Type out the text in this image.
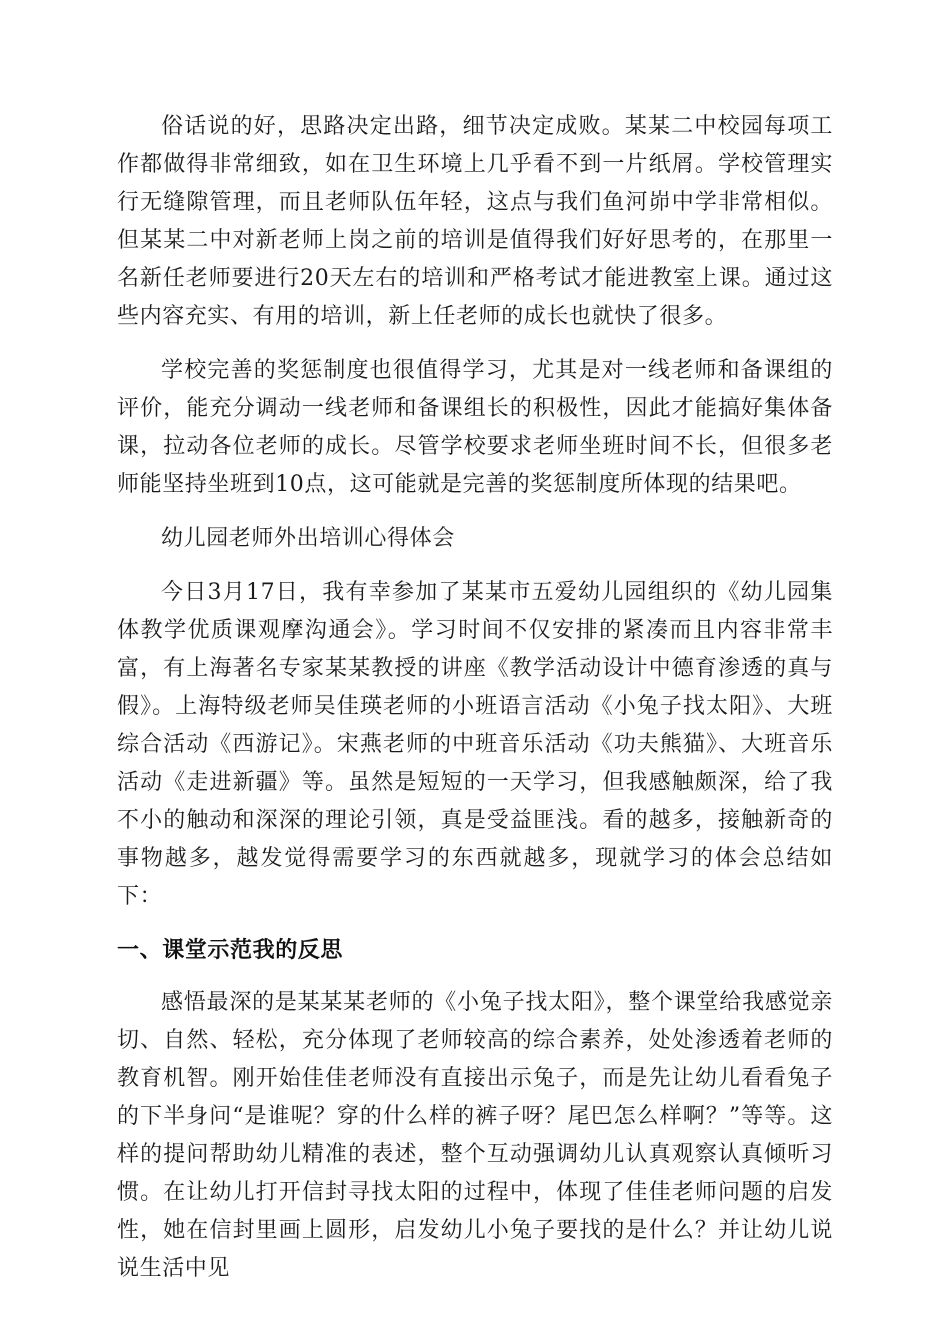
俗话说的好，思路决定出路，细节决定成败。某某二中校园每项工作都做得非常细致，如在卫生环境上几乎看不到一片纸屑。学校管理实行无缝隙管理，而且老师队伍年轻，这点与我们鱼河峁中学非常相似。但某某二中对新老师上岗之前的培训是值得我们好好思考的，在那里一名新任老师要进行20天左右的培训和严格考试才能进教室上课。通过这些内容充实、有用的培训，新上任老师的成长也就快了很多。

学校完善的奖惩制度也很值得学习，尤其是对一线老师和备课组的评价，能充分调动一线老师和备课组长的积极性，因此才能搞好集体备课，拉动各位老师的成长。尽管学校要求老师坐班时间不长，但很多老师能坚持坐班到10点，这可能就是完善的奖惩制度所体现的结果吧。

幼儿园老师外出培训心得体会

今日3月17日，我有幸参加了某某市五爱幼儿园组织的《幼儿园集体教学优质课观摩沟通会》。学习时间不仅安排的紧凑而且内容非常丰富，有上海著名专家某某教授的讲座《教学活动设计中德育渗透的真与假》。上海特级老师吴佳瑛老师的小班语言活动《小兔子找太阳》、大班综合活动《西游记》。宋燕老师的中班音乐活动《功夫熊猫》、大班音乐活动《走进新疆》等。虽然是短短的一天学习，但我感触颇深，给了我不小的触动和深深的理论引领，真是受益匪浅。看的越多，接触新奇的事物越多，越发觉得需要学习的东西就越多，现就学习的体会总结如下：

一、课堂示范我的反思

感悟最深的是某某某老师的《小兔子找太阳》，整个课堂给我感觉亲切、自然、轻松，充分体现了老师较高的综合素养，处处渗透着老师的教育机智。刚开始佳佳老师没有直接出示兔子，而是先让幼儿看看兔子的下半身问“是谁呢？穿的什么样的裤子呀？尾巴怎么样啊？”等等。这样的提问帮助幼儿精准的表述，整个互动强调幼儿认真观察认真倾听习惯。在让幼儿打开信封寻找太阳的过程中，体现了佳佳老师问题的启发性，她在信封里画上圆形，启发幼儿小兔子要找的是什么？并让幼儿说说生活中见
